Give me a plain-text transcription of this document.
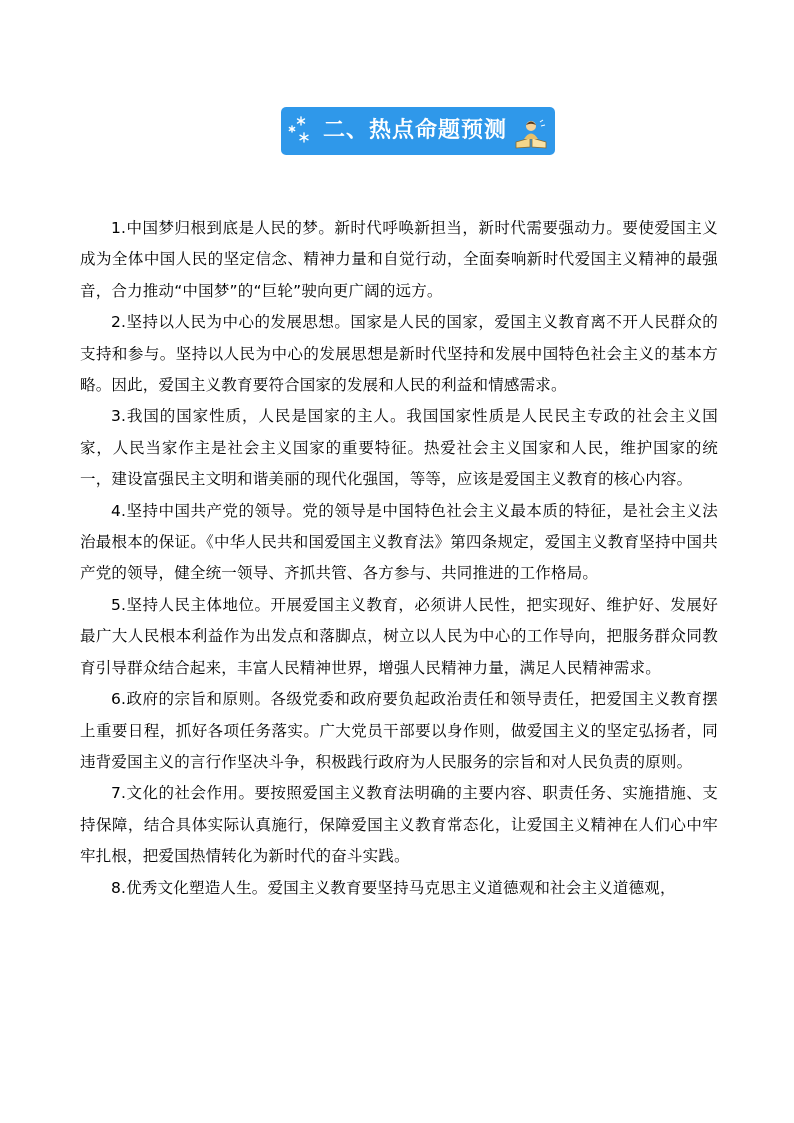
二、热点命题预测

1.中国梦归根到底是人民的梦。新时代呼唤新担当，新时代需要强动力。要使爱国主义成为全体中国人民的坚定信念、精神力量和自觉行动，全面奏响新时代爱国主义精神的最强音，合力推动“中国梦”的“巨轮”驶向更广阔的远方。

2.坚持以人民为中心的发展思想。国家是人民的国家，爱国主义教育离不开人民群众的支持和参与。坚持以人民为中心的发展思想是新时代坚持和发展中国特色社会主义的基本方略。因此，爱国主义教育要符合国家的发展和人民的利益和情感需求。

3.我国的国家性质，人民是国家的主人。我国国家性质是人民民主专政的社会主义国家，人民当家作主是社会主义国家的重要特征。热爱社会主义国家和人民，维护国家的统一，建设富强民主文明和谐美丽的现代化强国，等等，应该是爱国主义教育的核心内容。

4.坚持中国共产党的领导。党的领导是中国特色社会主义最本质的特征，是社会主义法治最根本的保证。《中华人民共和国爱国主义教育法》第四条规定，爱国主义教育坚持中国共产党的领导，健全统一领导、齐抓共管、各方参与、共同推进的工作格局。

5.坚持人民主体地位。开展爱国主义教育，必须讲人民性，把实现好、维护好、发展好最广大人民根本利益作为出发点和落脚点，树立以人民为中心的工作导向，把服务群众同教育引导群众结合起来，丰富人民精神世界，增强人民精神力量，满足人民精神需求。

6.政府的宗旨和原则。各级党委和政府要负起政治责任和领导责任，把爱国主义教育摆上重要日程，抓好各项任务落实。广大党员干部要以身作则，做爱国主义的坚定弘扬者，同违背爱国主义的言行作坚决斗争，积极践行政府为人民服务的宗旨和对人民负责的原则。

7.文化的社会作用。要按照爱国主义教育法明确的主要内容、职责任务、实施措施、支持保障，结合具体实际认真施行，保障爱国主义教育常态化，让爱国主义精神在人们心中牢牢扎根，把爱国热情转化为新时代的奋斗实践。

8.优秀文化塑造人生。爱国主义教育要坚持马克思主义道德观和社会主义道德观，
